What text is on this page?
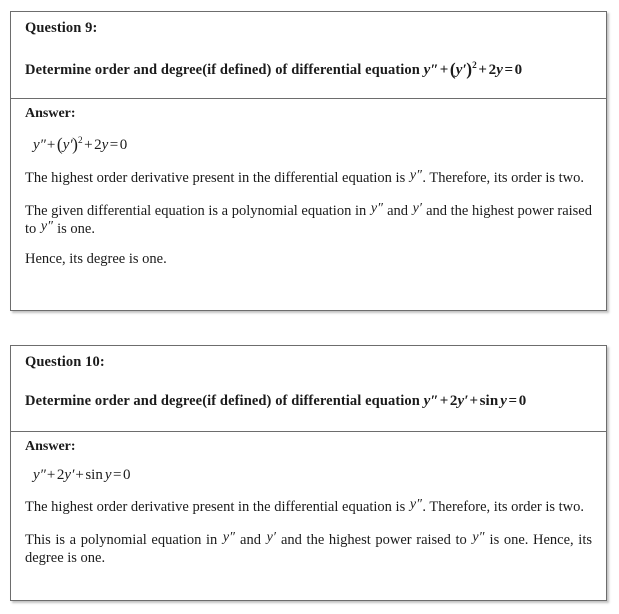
Question 9:
Determine order and degree(if defined) of differential equation $y'' +(y')^2 + 2y = 0$
Answer:
$y'' +(y')^2 + 2y = 0$
The highest order derivative present in the differential equation is y″. Therefore, its order is two.
The given differential equation is a polynomial equation in y″ and y′ and the highest power raised to y″ is one.
Hence, its degree is one.
Question 10:
Determine order and degree(if defined) of differential equation y″ + 2y′ + sin y = 0
Answer:
y″ + 2y′ + sin y = 0
The highest order derivative present in the differential equation is y″. Therefore, its order is two.
This is a polynomial equation in y″ and y′ and the highest power raised to y″ is one. Hence, its degree is one.
